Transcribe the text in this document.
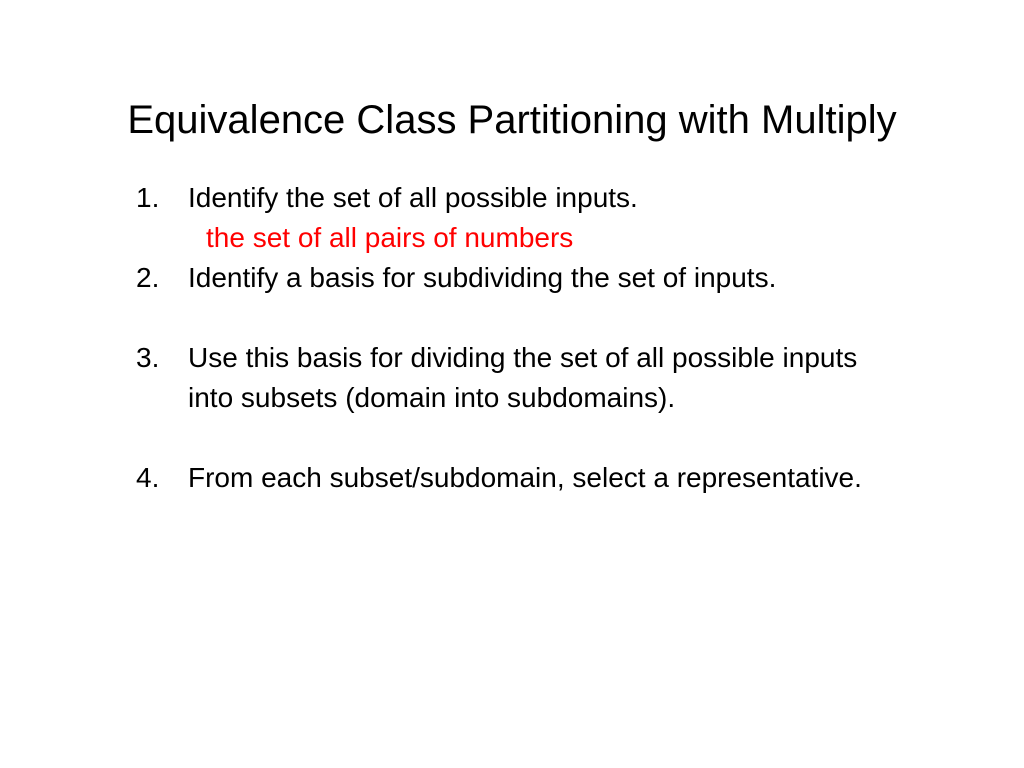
Equivalence Class Partitioning with Multiply
1. Identify the set of all possible inputs.
the set of all pairs of numbers
2. Identify a basis for subdividing the set of inputs.
3. Use this basis for dividing the set of all possible inputs
into subsets (domain into subdomains).
4. From each subset/subdomain, select a representative.
